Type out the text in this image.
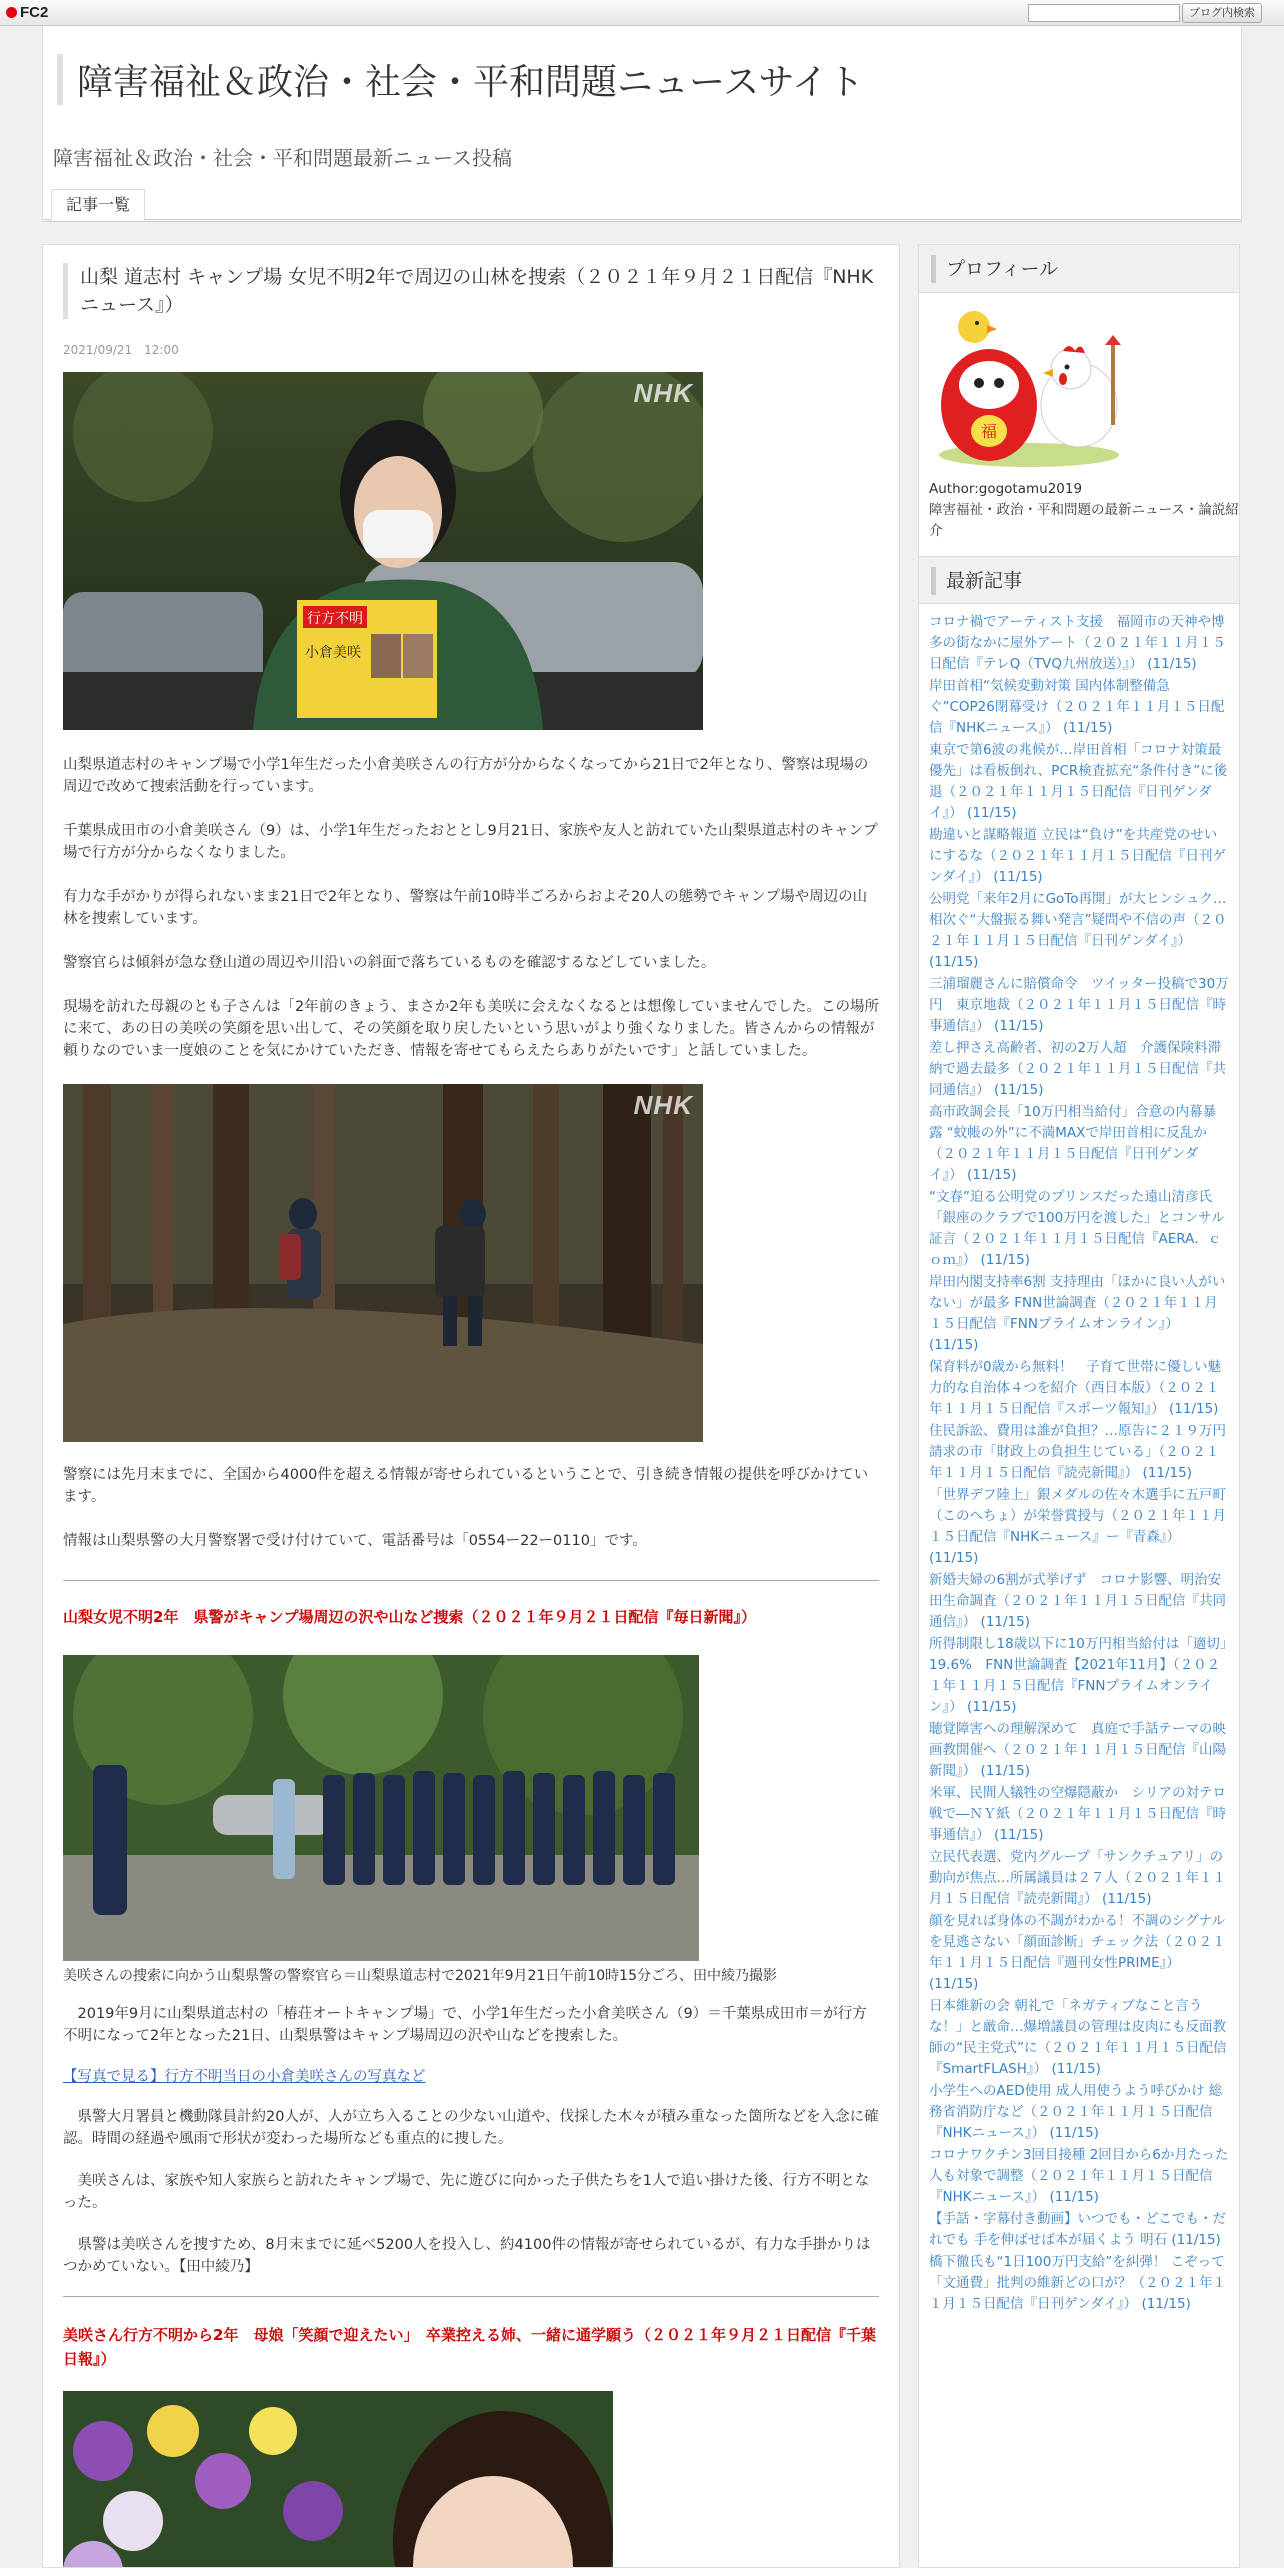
FC2	ブログ内検索
障害福祉＆政治・社会・平和問題ニュースサイト
障害福祉＆政治・社会・平和問題最新ニュース投稿
記事一覧
山梨 道志村 キャンプ場 女児不明2年で周辺の山林を捜索（２０２１年９月２１日配信『NHKニュース』）
2021/09/21　12:00
行方不明
小倉美咲
NHK
山梨県道志村のキャンプ場で小学1年生だった小倉美咲さんの行方が分からなくなってから21日で2年となり、警察は現場の周辺で改めて捜索活動を行っています。
千葉県成田市の小倉美咲さん（9）は、小学1年生だったおととし9月21日、家族や友人と訪れていた山梨県道志村のキャンプ場で行方が分からなくなりました。
有力な手がかりが得られないまま21日で2年となり、警察は午前10時半ごろからおよそ20人の態勢でキャンプ場や周辺の山林を捜索しています。
警察官らは傾斜が急な登山道の周辺や川沿いの斜面で落ちているものを確認するなどしていました。
現場を訪れた母親のとも子さんは「2年前のきょう、まさか2年も美咲に会えなくなるとは想像していませんでした。この場所に来て、あの日の美咲の笑顔を思い出して、その笑顔を取り戻したいという思いがより強くなりました。皆さんからの情報が頼りなのでいま一度娘のことを気にかけていただき、情報を寄せてもらえたらありがたいです」と話していました。
NHK
警察には先月末までに、全国から4000件を超える情報が寄せられているということで、引き続き情報の提供を呼びかけています。
情報は山梨県警の大月警察署で受け付けていて、電話番号は「0554ー22ー0110」です。
山梨女児不明2年　県警がキャンプ場周辺の沢や山など捜索（２０２１年９月２１日配信『毎日新聞』）
美咲さんの捜索に向かう山梨県警の警察官ら＝山梨県道志村で2021年9月21日午前10時15分ごろ、田中綾乃撮影
　2019年9月に山梨県道志村の「椿荘オートキャンプ場」で、小学1年生だった小倉美咲さん（9）＝千葉県成田市＝が行方不明になって2年となった21日、山梨県警はキャンプ場周辺の沢や山などを捜索した。
【写真で見る】行方不明当日の小倉美咲さんの写真など
　県警大月署員と機動隊員計約20人が、人が立ち入ることの少ない山道や、伐採した木々が積み重なった箇所などを入念に確認。時間の経過や風雨で形状が変わった場所なども重点的に捜した。
　美咲さんは、家族や知人家族らと訪れたキャンプ場で、先に遊びに向かった子供たちを1人で追い掛けた後、行方不明となった。
　県警は美咲さんを捜すため、8月末までに延べ5200人を投入し、約4100件の情報が寄せられているが、有力な手掛かりはつかめていない。【田中綾乃】
美咲さん行方不明から2年　母娘「笑顔で迎えたい」　卒業控える姉、一緒に通学願う（２０２１年９月２１日配信『千葉日報』）
プロフィール
福
Author:gogotamu2019
障害福祉・政治・平和問題の最新ニュース・論説紹介
最新記事
コロナ禍でアーティスト支援　福岡市の天神や博多の街なかに屋外アート（２０２１年１１月１５日配信『テレQ（TVQ九州放送）』） (11/15)
岸田首相“気候変動対策 国内体制整備急ぐ”COP26閉幕受け（２０２１年１１月１５日配信『NHKニュース』） (11/15)
東京で第6波の兆候が…岸田首相「コロナ対策最優先」は看板倒れ、PCR検査拡充“条件付き”に後退（２０２１年１１月１５日配信『日刊ゲンダイ』） (11/15)
勘違いと謀略報道 立民は“負け”を共産党のせいにするな（２０２１年１１月１５日配信『日刊ゲンダイ』） (11/15)
公明党「来年2月にGoTo再開」が大ヒンシュク…相次ぐ“大盤振る舞い発言”疑問や不信の声（２０２１年１１月１５日配信『日刊ゲンダイ』） (11/15)
三浦瑠麗さんに賠償命令　ツイッター投稿で30万円　東京地裁（２０２１年１１月１５日配信『時事通信』） (11/15)
差し押さえ高齢者、初の2万人超　介護保険料滞納で過去最多（２０２１年１１月１５日配信『共同通信』） (11/15)
高市政調会長「10万円相当給付」合意の内幕暴露 “蚊帳の外”に不満MAXで岸田首相に反乱か（２０２１年１１月１５日配信『日刊ゲンダイ』） (11/15)
“文春”迫る公明党のプリンスだった遠山清彦氏「銀座のクラブで100万円を渡した」とコンサル証言（２０２１年１１月１５日配信『AERA．ｃｏｍ』） (11/15)
岸田内閣支持率6割 支持理由「ほかに良い人がいない」が最多 FNN世論調査（２０２１年１１月１５日配信『FNNプライムオンライン』） (11/15)
保育料が0歳から無料！　子育て世帯に優しい魅力的な自治体４つを紹介（西日本版）（２０２１年１１月１５日配信『スポーツ報知』） (11/15)
住民訴訟、費用は誰が負担？…原告に２１９万円請求の市「財政上の負担生じている」（２０２１年１１月１５日配信『読売新聞』） (11/15)
「世界デフ陸上」銀メダルの佐々木選手に五戸町（このへちょ）が栄誉賞授与（２０２１年１１月１５日配信『NHKニュース』ー『青森』） (11/15)
新婚夫婦の6割が式挙げず　コロナ影響、明治安田生命調査（２０２１年１１月１５日配信『共同通信』） (11/15)
所得制限し18歳以下に10万円相当給付は「適切」19.6%　FNN世論調査【2021年11月】（２０２１年１１月１５日配信『FNNプライムオンライン』） (11/15)
聴覚障害への理解深めて　真庭で手話テーマの映画教開催へ（２０２１年１１月１５日配信『山陽新聞』） (11/15)
米軍、民間人犠牲の空爆隠蔽か　シリアの対テロ戦で―ＮＹ紙（２０２１年１１月１５日配信『時事通信』） (11/15)
立民代表選、党内グループ「サンクチュアリ」の動向が焦点…所属議員は２７人（２０２１年１１月１５日配信『読売新聞』） (11/15)
顔を見れば身体の不調がわかる！不調のシグナルを見逃さない「顔面診断」チェック法（２０２１年１１月１５日配信『週刊女性PRIME』） (11/15)
日本維新の会 朝礼で「ネガティブなこと言うな！」と厳命…爆増議員の管理は皮肉にも反面教師の“民主党式”に（２０２１年１１月１５日配信『SmartFLASH』） (11/15)
小学生へのAED使用 成人用使うよう呼びかけ 総務省消防庁など（２０２１年１１月１５日配信『NHKニュース』） (11/15)
コロナワクチン3回目接種 2回目から6か月たった人も対象で調整（２０２１年１１月１５日配信『NHKニュース』） (11/15)
【手話・字幕付き動画】いつでも・どこでも・だれでも 手を伸ばせば本が届くよう 明石 (11/15)
橋下徹氏も“1日100万円支給”を糾弾！ こぞって「文通費」批判の維新どの口が？（２０２１年１１月１５日配信『日刊ゲンダイ』） (11/15)
